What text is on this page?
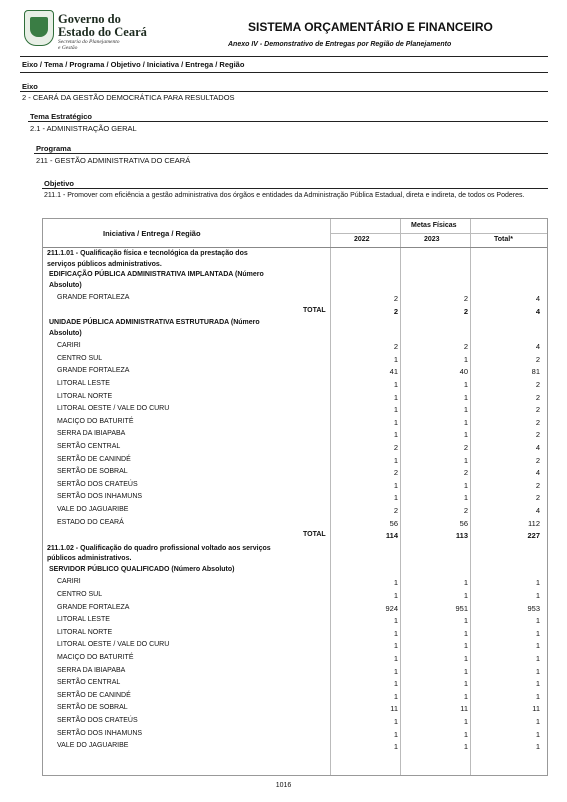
Governo do
Estado do Ceará
Secretaria do Planejamento
e Gestão
SISTEMA ORÇAMENTÁRIO E FINANCEIRO
Anexo IV - Demonstrativo de Entregas por Região de Planejamento
Eixo / Tema / Programa / Objetivo / Iniciativa / Entrega / Região
Eixo
2 - CEARÁ DA GESTÃO DEMOCRÁTICA PARA RESULTADOS
Tema Estratégico
2.1 - ADMINISTRAÇÃO GERAL
Programa
211 - GESTÃO ADMINISTRATIVA DO CEARÁ
Objetivo
211.1 - Promover com eficiência a gestão administrativa dos órgãos e entidades da Administração Pública Estadual, direta e indireta, de todos os Poderes.
Iniciativa / Entrega / Região
Metas Físicas
2022	2023	Total*
211.1.01 - Qualificação física e tecnológica da prestação dos
serviços públicos administrativos.
EDIFICAÇÃO PÚBLICA ADMINISTRATIVA IMPLANTADA (Número
Absoluto)
GRANDE FORTALEZA	2	2	4
TOTAL	2	2	4
UNIDADE PÚBLICA ADMINISTRATIVA ESTRUTURADA (Número
Absoluto)
CARIRI	2	2	4
CENTRO SUL	1	1	2
GRANDE FORTALEZA	41	40	81
LITORAL LESTE	1	1	2
LITORAL NORTE	1	1	2
LITORAL OESTE / VALE DO CURU	1	1	2
MACIÇO DO BATURITÉ	1	1	2
SERRA DA IBIAPABA	1	1	2
SERTÃO CENTRAL	2	2	4
SERTÃO DE CANINDÉ	1	1	2
SERTÃO DE SOBRAL	2	2	4
SERTÃO DOS CRATEÚS	1	1	2
SERTÃO DOS INHAMUNS	1	1	2
VALE DO JAGUARIBE	2	2	4
ESTADO DO CEARÁ	56	56	112
TOTAL	114	113	227
211.1.02 - Qualificação do quadro profissional voltado aos serviços
públicos administrativos.
SERVIDOR PÚBLICO QUALIFICADO (Número Absoluto)
CARIRI	1	1	1
CENTRO SUL	1	1	1
GRANDE FORTALEZA	924	951	953
LITORAL LESTE	1	1	1
LITORAL NORTE	1	1	1
LITORAL OESTE / VALE DO CURU	1	1	1
MACIÇO DO BATURITÉ	1	1	1
SERRA DA IBIAPABA	1	1	1
SERTÃO CENTRAL	1	1	1
SERTÃO DE CANINDÉ	1	1	1
SERTÃO DE SOBRAL	11	11	11
SERTÃO DOS CRATEÚS	1	1	1
SERTÃO DOS INHAMUNS	1	1	1
VALE DO JAGUARIBE	1	1	1
1016
